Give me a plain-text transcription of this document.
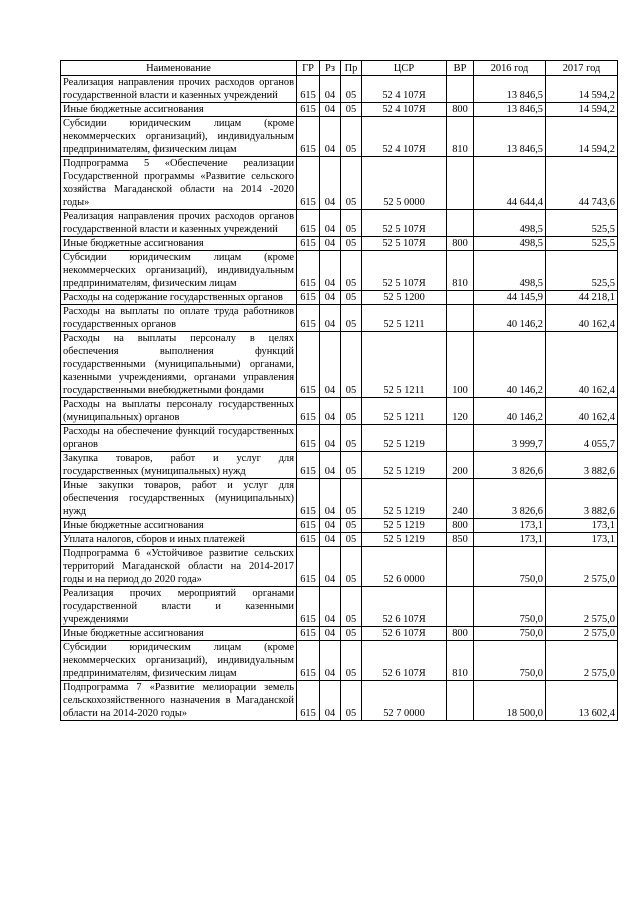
Наименование	ГР	Рз	Пр	ЦСР	ВР	2016 год	2017 год
Реализация направления прочих расходов органов государственной власти и казенных учреждений	615	04	05	52 4 107Я		13 846,5	14 594,2
Иные бюджетные ассигнования	615	04	05	52 4 107Я	800	13 846,5	14 594,2
Субсидии юридическим лицам (кроме некоммерческих организаций), индивидуальным предпринимателям, физическим лицам	615	04	05	52 4 107Я	810	13 846,5	14 594,2
Подпрограмма 5 «Обеспечение реализации Государственной программы «Развитие сельского хозяйства Магаданской области на 2014 -2020 годы»	615	04	05	52 5 0000		44 644,4	44 743,6
Реализация направления прочих расходов органов государственной власти и казенных учреждений	615	04	05	52 5 107Я		498,5	525,5
Иные бюджетные ассигнования	615	04	05	52 5 107Я	800	498,5	525,5
Субсидии юридическим лицам (кроме некоммерческих организаций), индивидуальным предпринимателям, физическим лицам	615	04	05	52 5 107Я	810	498,5	525,5
Расходы на содержание государственных органов	615	04	05	52 5 1200		44 145,9	44 218,1
Расходы на выплаты по оплате труда работников государственных органов	615	04	05	52 5 1211		40 146,2	40 162,4
Расходы на выплаты персоналу в целях обеспечения выполнения функций государственными (муниципальными) органами, казенными учреждениями, органами управления государственными внебюджетными фондами	615	04	05	52 5 1211	100	40 146,2	40 162,4
Расходы на выплаты персоналу государственных (муниципальных) органов	615	04	05	52 5 1211	120	40 146,2	40 162,4
Расходы на обеспечение функций государственных органов	615	04	05	52 5 1219		3 999,7	4 055,7
Закупка товаров, работ и услуг для государственных (муниципальных) нужд	615	04	05	52 5 1219	200	3 826,6	3 882,6
Иные закупки товаров, работ и услуг для обеспечения государственных (муниципальных) нужд	615	04	05	52 5 1219	240	3 826,6	3 882,6
Иные бюджетные ассигнования	615	04	05	52 5 1219	800	173,1	173,1
Уплата налогов, сборов и иных платежей	615	04	05	52 5 1219	850	173,1	173,1
Подпрограмма 6 «Устойчивое развитие сельских территорий Магаданской области на 2014-2017 годы и на период до 2020 года»	615	04	05	52 6 0000		750,0	2 575,0
Реализация прочих мероприятий органами государственной власти и казенными учреждениями	615	04	05	52 6 107Я		750,0	2 575,0
Иные бюджетные ассигнования	615	04	05	52 6 107Я	800	750,0	2 575,0
Субсидии юридическим лицам (кроме некоммерческих организаций), индивидуальным предпринимателям, физическим лицам	615	04	05	52 6 107Я	810	750,0	2 575,0
Подпрограмма 7 «Развитие мелиорации земель сельскохозяйственного назначения в Магаданской области на 2014-2020 годы»	615	04	05	52 7 0000		18 500,0	13 602,4
